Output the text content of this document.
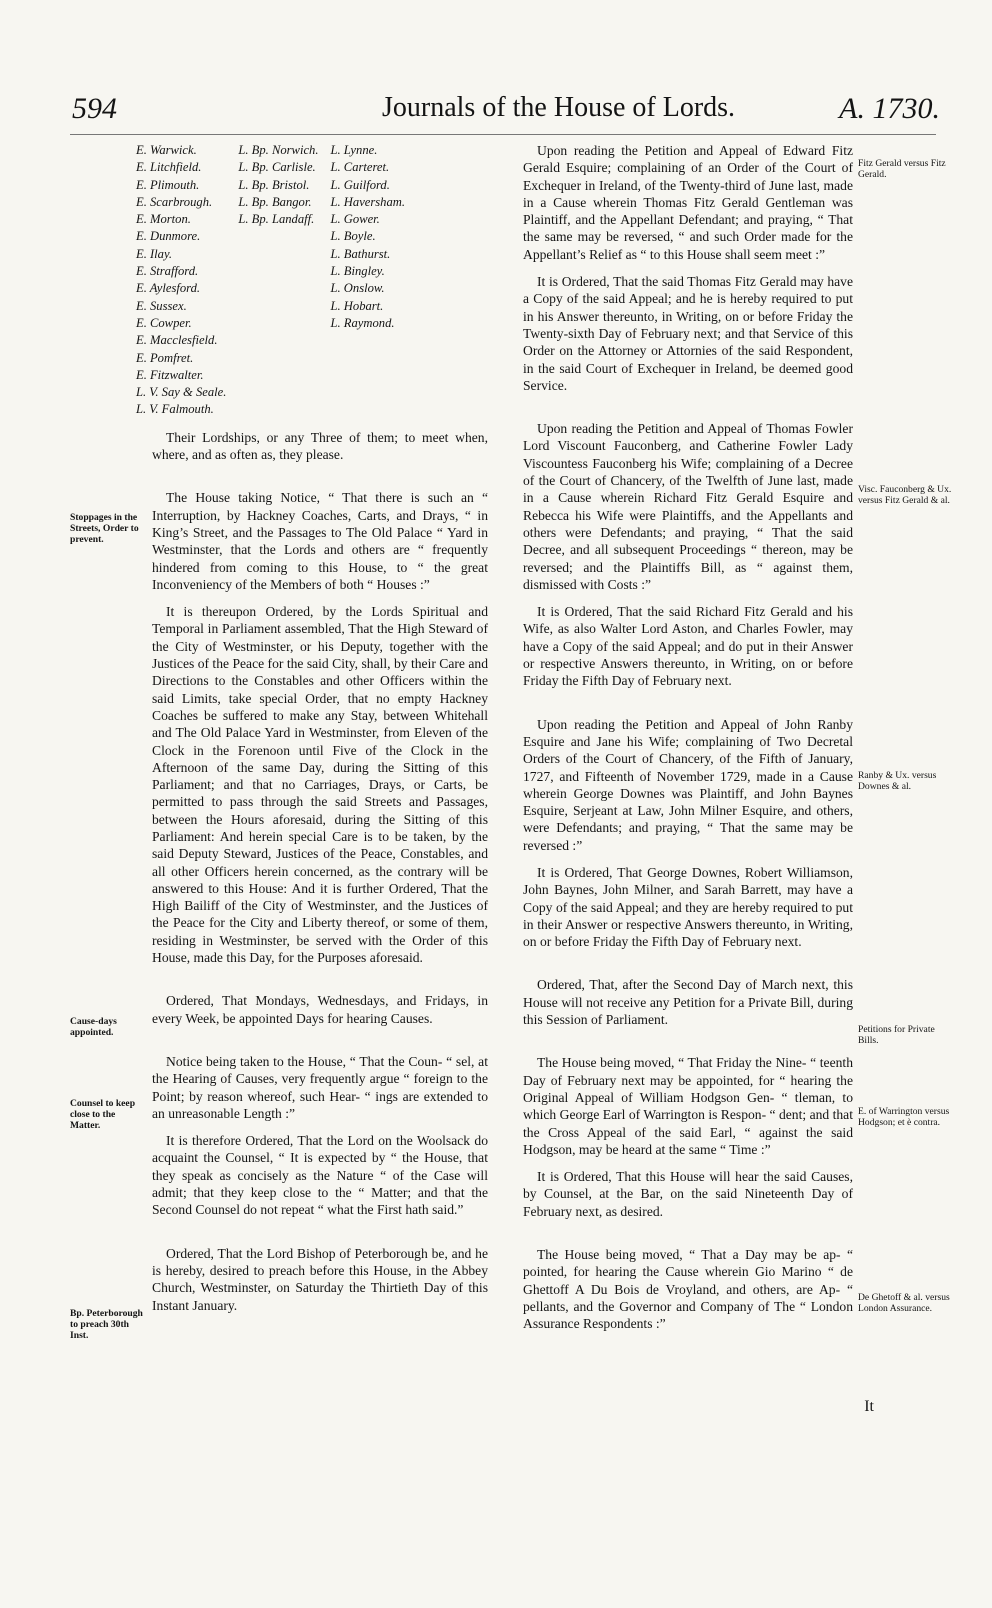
594	Journals of the House of Lords.	A. 1730.
E. Warwick.
E. Litchfield.
E. Plimouth.
E. Scarbrough.
E. Morton.
E. Dunmore.
E. Ilay.
E. Strafford.
E. Aylesford.
E. Sussex.
E. Cowper.
E. Macclesfield.
E. Pomfret.
E. Fitzwalter.
L. V. Say & Seale.
L. V. Falmouth.
L. Bp. Norwich.
L. Bp. Carlisle.
L. Bp. Bristol.
L. Bp. Bangor.
L. Bp. Landaff.
L. Lynne.
L. Carteret.
L. Guilford.
L. Haversham.
L. Gower.
L. Boyle.
L. Bathurst.
L. Bingley.
L. Onslow.
L. Hobart.
L. Raymond.

Their Lordships, or any Three of them; to meet when, where, and as often as, they please.

The House taking Notice, “ That there is such an “ Interruption, by Hackney Coaches, Carts, and Drays, “ in King’s Street, and the Passages to The Old Palace “ Yard in Westminster, that the Lords and others are “ frequently hindered from coming to this House, to “ the great Inconveniency of the Members of both “ Houses :”

It is thereupon Ordered, by the Lords Spiritual and Temporal in Parliament assembled, That the High Steward of the City of Westminster, or his Deputy, together with the Justices of the Peace for the said City, shall, by their Care and Directions to the Constables and other Officers within the said Limits, take special Order, that no empty Hackney Coaches be suffered to make any Stay, between Whitehall and The Old Palace Yard in Westminster, from Eleven of the Clock in the Forenoon until Five of the Clock in the Afternoon of the same Day, during the Sitting of this Parliament; and that no Carriages, Drays, or Carts, be permitted to pass through the said Streets and Passages, between the Hours aforesaid, during the Sitting of this Parliament: And herein special Care is to be taken, by the said Deputy Steward, Justices of the Peace, Constables, and all other Officers herein concerned, as the contrary will be answered to this House: And it is further Ordered, That the High Bailiff of the City of Westminster, and the Justices of the Peace for the City and Liberty thereof, or some of them, residing in Westminster, be served with the Order of this House, made this Day, for the Purposes aforesaid.

Ordered, That Mondays, Wednesdays, and Fridays, in every Week, be appointed Days for hearing Causes.

Notice being taken to the House, “ That the Coun- “ sel, at the Hearing of Causes, very frequently argue “ foreign to the Point; by reason whereof, such Hear- “ ings are extended to an unreasonable Length :”

It is therefore Ordered, That the Lord on the Woolsack do acquaint the Counsel, “ It is expected by “ the House, that they speak as concisely as the Nature “ of the Case will admit; that they keep close to the “ Matter; and that the Second Counsel do not repeat “ what the First hath said.”

Ordered, That the Lord Bishop of Peterborough be, and he is hereby, desired to preach before this House, in the Abbey Church, Westminster, on Saturday the Thirtieth Day of this Instant January.

Stoppages in the Streets, Order to prevent.
Cause-days appointed.
Counsel to keep close to the Matter.
Bp. Peterborough to preach 30th Inst.

Upon reading the Petition and Appeal of Edward Fitz Gerald Esquire; complaining of an Order of the Court of Exchequer in Ireland, of the Twenty-third of June last, made in a Cause wherein Thomas Fitz Gerald Gentleman was Plaintiff, and the Appellant Defendant; and praying, “ That the same may be reversed, “ and such Order made for the Appellant’s Relief as “ to this House shall seem meet :”

It is Ordered, That the said Thomas Fitz Gerald may have a Copy of the said Appeal; and he is hereby required to put in his Answer thereunto, in Writing, on or before Friday the Twenty-sixth Day of February next; and that Service of this Order on the Attorney or Attornies of the said Respondent, in the said Court of Exchequer in Ireland, be deemed good Service.

Upon reading the Petition and Appeal of Thomas Fowler Lord Viscount Fauconberg, and Catherine Fowler Lady Viscountess Fauconberg his Wife; complaining of a Decree of the Court of Chancery, of the Twelfth of June last, made in a Cause wherein Richard Fitz Gerald Esquire and Rebecca his Wife were Plaintiffs, and the Appellants and others were Defendants; and praying, “ That the said Decree, and all subsequent Proceedings “ thereon, may be reversed; and the Plaintiffs Bill, as “ against them, dismissed with Costs :”

It is Ordered, That the said Richard Fitz Gerald and his Wife, as also Walter Lord Aston, and Charles Fowler, may have a Copy of the said Appeal; and do put in their Answer or respective Answers thereunto, in Writing, on or before Friday the Fifth Day of February next.

Upon reading the Petition and Appeal of John Ranby Esquire and Jane his Wife; complaining of Two Decretal Orders of the Court of Chancery, of the Fifth of January, 1727, and Fifteenth of November 1729, made in a Cause wherein George Downes was Plaintiff, and John Baynes Esquire, Serjeant at Law, John Milner Esquire, and others, were Defendants; and praying, “ That the same may be reversed :”

It is Ordered, That George Downes, Robert Williamson, John Baynes, John Milner, and Sarah Barrett, may have a Copy of the said Appeal; and they are hereby required to put in their Answer or respective Answers thereunto, in Writing, on or before Friday the Fifth Day of February next.

Ordered, That, after the Second Day of March next, this House will not receive any Petition for a Private Bill, during this Session of Parliament.

The House being moved, “ That Friday the Nine- “ teenth Day of February next may be appointed, for “ hearing the Original Appeal of William Hodgson Gen- “ tleman, to which George Earl of Warrington is Respon- “ dent; and that the Cross Appeal of the said Earl, “ against the said Hodgson, may be heard at the same “ Time :”

It is Ordered, That this House will hear the said Causes, by Counsel, at the Bar, on the said Nineteenth Day of February next, as desired.

The House being moved, “ That a Day may be ap- “ pointed, for hearing the Cause wherein Gio Marino “ de Ghettoff A Du Bois de Vroyland, and others, are Ap- “ pellants, and the Governor and Company of The “ London Assurance Respondents :”

Fitz Gerald versus Fitz Gerald.
Visc. Fauconberg & Ux. versus Fitz Gerald & al.
Ranby & Ux. versus Downes & al.
Petitions for Private Bills.
E. of Warrington versus Hodgson; et è contra.
De Ghetoff & al. versus London Assurance.
It
